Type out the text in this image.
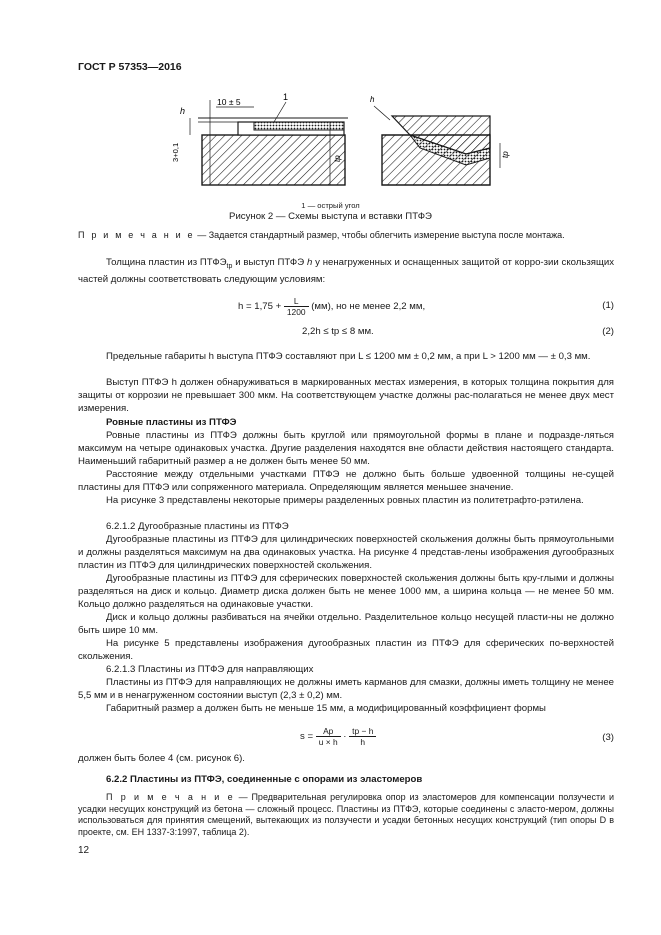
ГОСТ Р 57353—2016
10 ± 5	1
h
3+0,1	tp
h
tp
1 — острый угол
Рисунок 2 — Схемы выступа и вставки ПТФЭ
П р и м е ч а н и е — Задается стандартный размер, чтобы облегчить измерение выступа после монтажа.
Толщина пластин из $ПТФЭ_{tp}$ и выступ ПТФЭ h у ненагруженных и оснащенных защитой от корро-зии скользящих частей должны соответствовать следующим условиям:
$h = 1,75 + \frac{L}{1200} (мм)$, но не менее 2,2 мм,	(1)
2,2h ≤ tp ≤ 8 мм.	(2)
Предельные габариты h выступа ПТФЭ составляют при L ≤ 1200 мм ± 0,2 мм, а при L > 1200 мм — ± 0,3 мм.
Выступ ПТФЭ h должен обнаруживаться в маркированных местах измерения, в которых толщина покрытия для защиты от коррозии не превышает 300 мкм. На соответствующем участке должны рас-полагаться не менее двух мест измерения.
Ровные пластины из ПТФЭ
Ровные пластины из ПТФЭ должны быть круглой или прямоугольной формы в плане и подразде-ляться максимум на четыре одинаковых участка. Другие разделения находятся вне области действия настоящего стандарта. Наименьший габаритный размер a не должен быть менее 50 мм.
Расстояние между отдельными участками ПТФЭ не должно быть больше удвоенной толщины не-сущей пластины для ПТФЭ или сопряженного материала. Определяющим является меньшее значение.
На рисунке 3 представлены некоторые примеры разделенных ровных пластин из политетрафто-рэтилена.
6.2.1.2 Дугообразные пластины из ПТФЭ
Дугообразные пластины из ПТФЭ для цилиндрических поверхностей скольжения должны быть прямоугольными и должны разделяться максимум на два одинаковых участка. На рисунке 4 представ-лены изображения дугообразных пластин из ПТФЭ для цилиндрических поверхностей скольжения.
Дугообразные пластины из ПТФЭ для сферических поверхностей скольжения должны быть кру-глыми и должны разделяться на диск и кольцо. Диаметр диска должен быть не менее 1000 мм, а ширина кольца — не менее 50 мм. Кольцо должно разделяться на одинаковые участки.
Диск и кольцо должны разбиваться на ячейки отдельно. Разделительное кольцо несущей пласти-ны не должно быть шире 10 мм.
На рисунке 5 представлены изображения дугообразных пластин из ПТФЭ для сферических по-верхностей скольжения.
6.2.1.3 Пластины из ПТФЭ для направляющих
Пластины из ПТФЭ для направляющих не должны иметь карманов для смазки, должны иметь толщину не менее 5,5 мм и в ненагруженном состоянии выступ (2,3 ± 0,2) мм.
Габаритный размер a должен быть не меньше 15 мм, а модифицированный коэффициент формы
$s = \frac{Ap}{u \times h} \cdot \frac{tp - h}{h}$	(3)
должен быть более 4 (см. рисунок 6).
6.2.2 Пластины из ПТФЭ, соединенные с опорами из эластомеров
П р и м е ч а н и е — Предварительная регулировка опор из эластомеров для компенсации ползучести и усадки несущих конструкций из бетона — сложный процесс. Пластины из ПТФЭ, которые соединены с эласто-мером, должны использоваться для принятия смещений, вытекающих из ползучести и усадки бетонных несущих конструкций (тип опоры D в проекте, см. ЕН 1337-3:1997, таблица 2).
12
